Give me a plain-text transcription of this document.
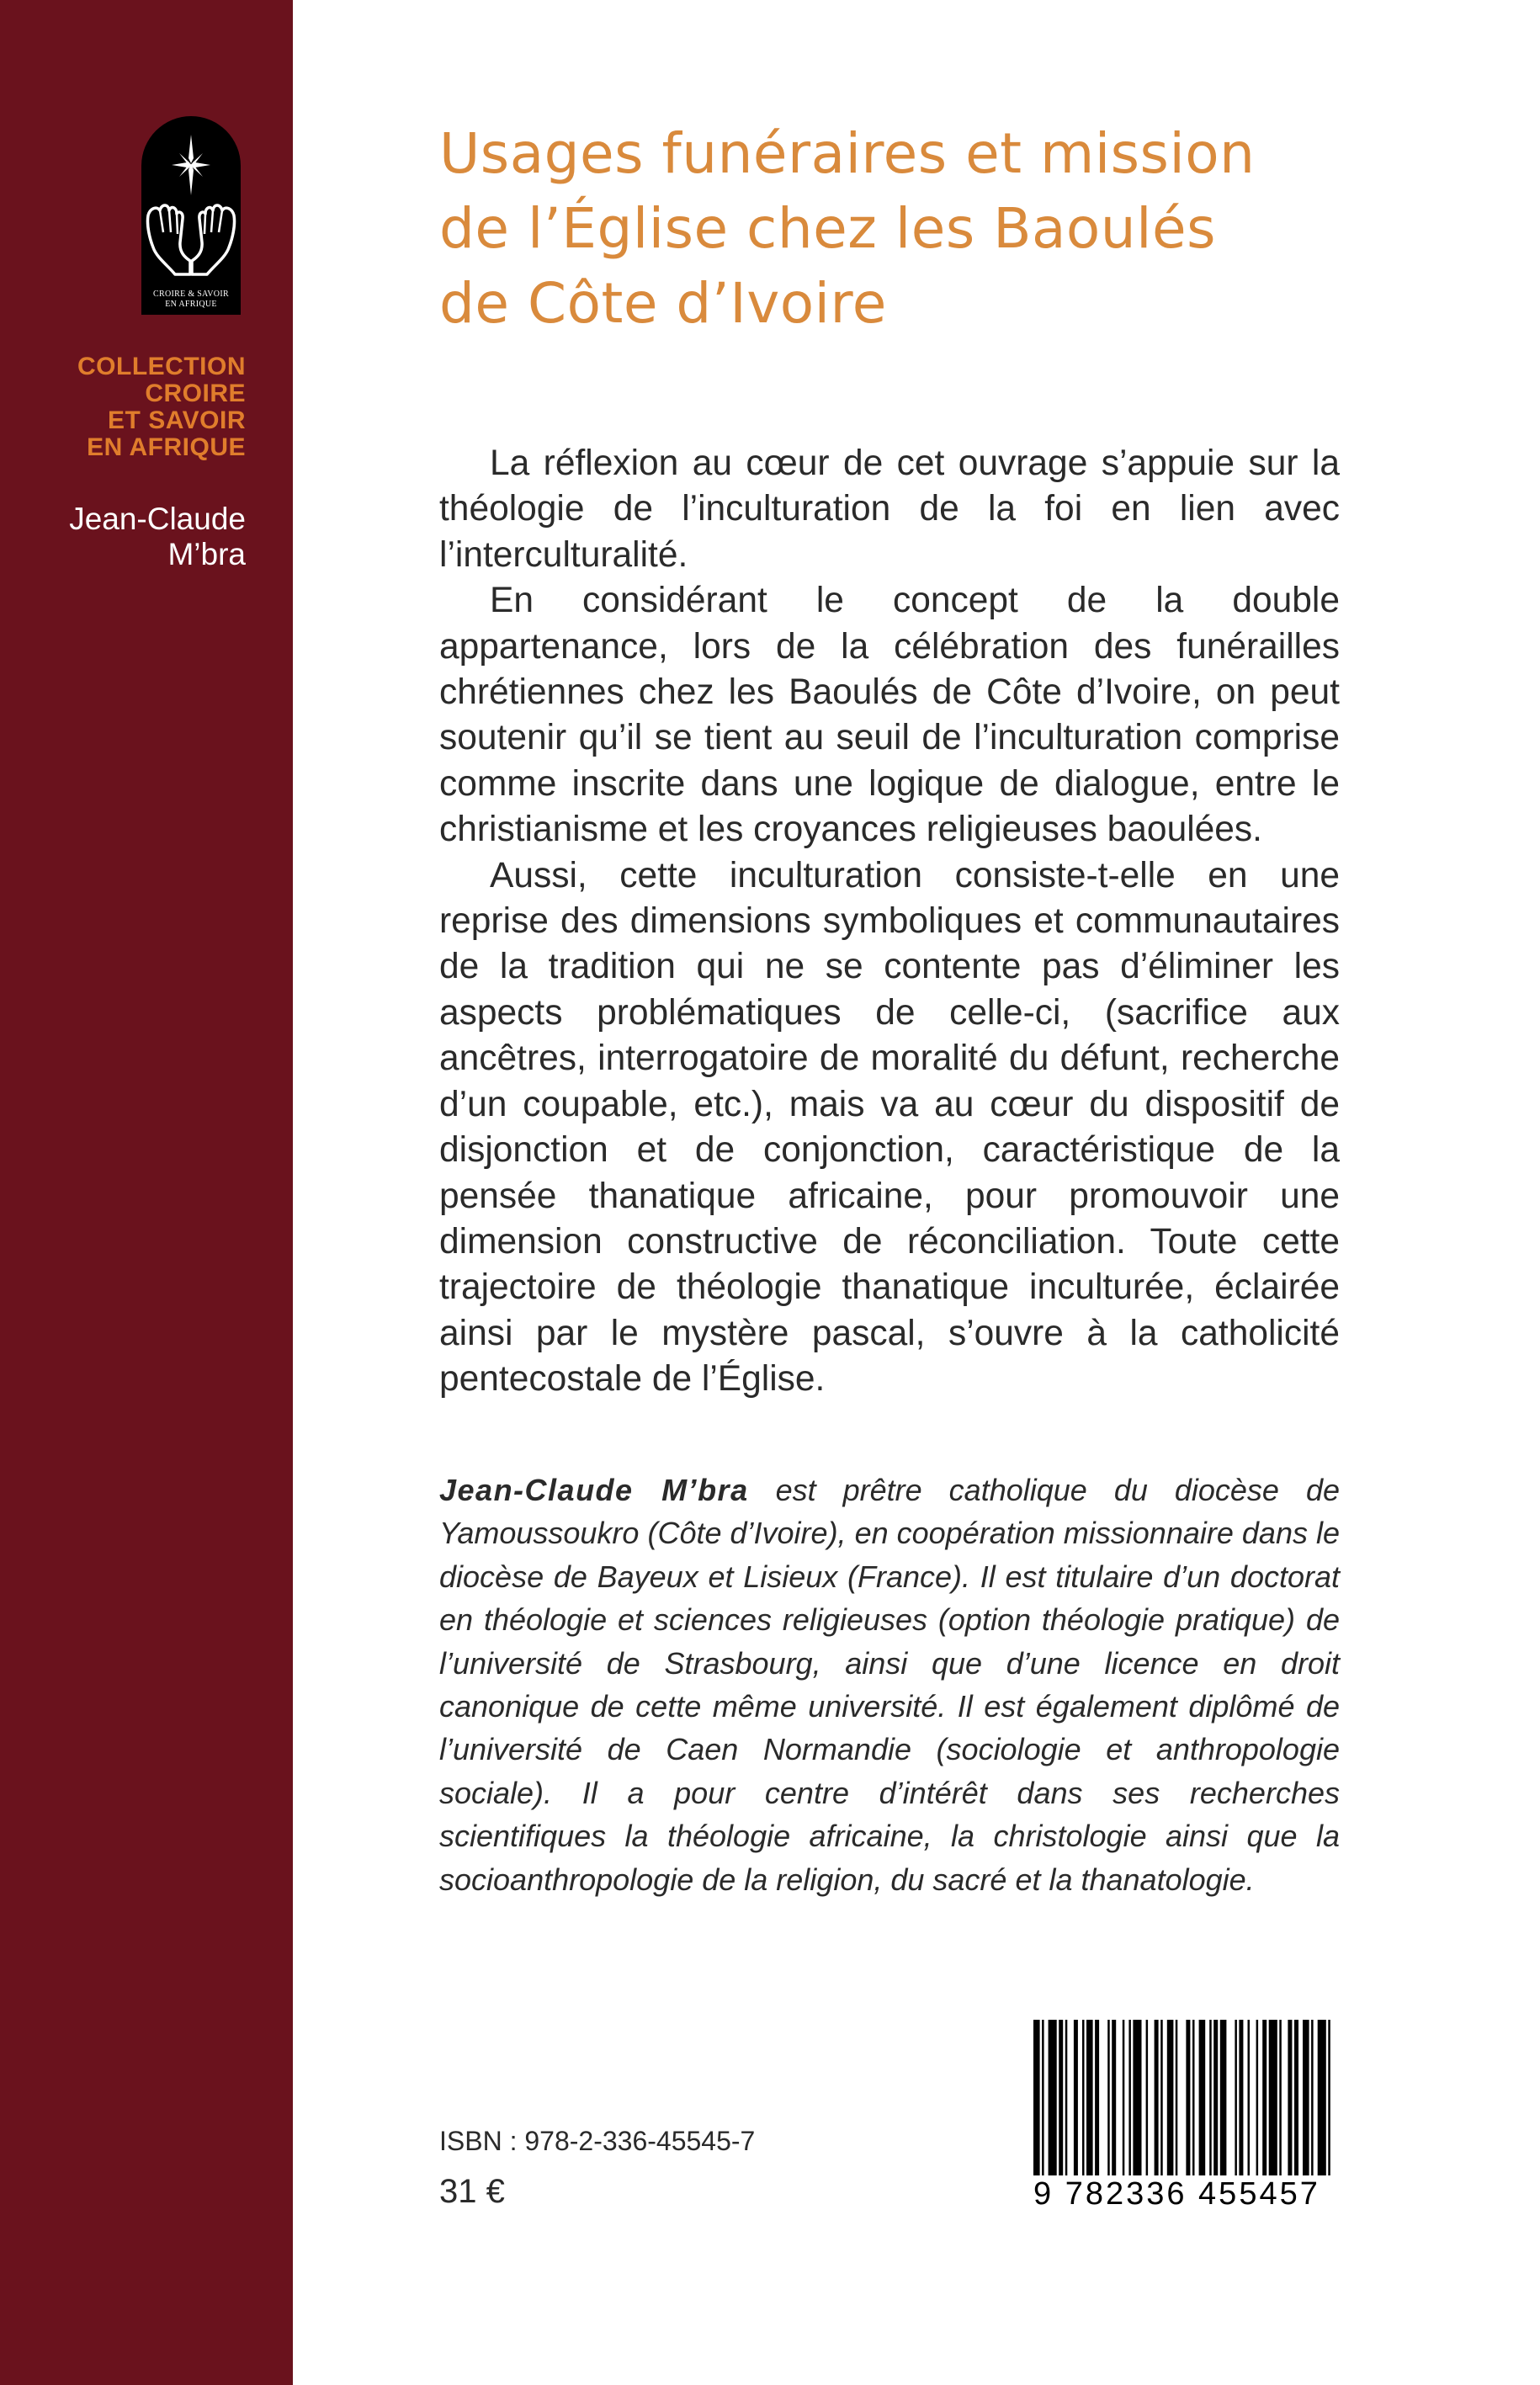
CROIRE & SAVOIR
EN AFRIQUE
COLLECTION
CROIRE
ET SAVOIR
EN AFRIQUE
Jean-Claude
M’bra
Usages funéraires et mission
de l’Église chez les Baoulés
de Côte d’Ivoire

La réflexion au cœur de cet ouvrage s’appuie sur la théologie de l’inculturation de la foi en lien avec l’interculturalité.

En considérant le concept de la double appartenance, lors de la célébration des funérailles chrétiennes chez les Baoulés de Côte d’Ivoire, on peut soutenir qu’il se tient au seuil de l’inculturation comprise comme inscrite dans une logique de dialogue, entre le christianisme et les croyances religieuses baoulées.

Aussi, cette inculturation consiste-t-elle en une reprise des dimensions symboliques et communautaires de la tradition qui ne se contente pas d’éliminer les aspects problématiques de celle-ci, (sacrifice aux ancêtres, interrogatoire de moralité du défunt, recherche d’un coupable, etc.), mais va au cœur du dispositif de disjonction et de conjonction, caractéristique de la pensée thanatique africaine, pour promouvoir une dimension constructive de réconciliation. Toute cette trajectoire de théologie thanatique inculturée, éclairée ainsi par le mystère pascal, s’ouvre à la catholicité pentecostale de l’Église.

Jean-Claude M’bra est prêtre catholique du diocèse de Yamoussoukro (Côte d’Ivoire), en coopération missionnaire dans le diocèse de Bayeux et Lisieux (France). Il est titulaire d’un doctorat en théologie et sciences religieuses (option théologie pratique) de l’université de Strasbourg, ainsi que d’une licence en droit canonique de cette même université. Il est également diplômé de l’université de Caen Normandie (sociologie et anthropologie sociale). Il a pour centre d’intérêt dans ses recherches scientifiques la théologie africaine, la christologie ainsi que la socioanthropologie de la religion, du sacré et la thanatologie.
ISBN : 978-2-336-45545-7
31 €	9 782336 455457
